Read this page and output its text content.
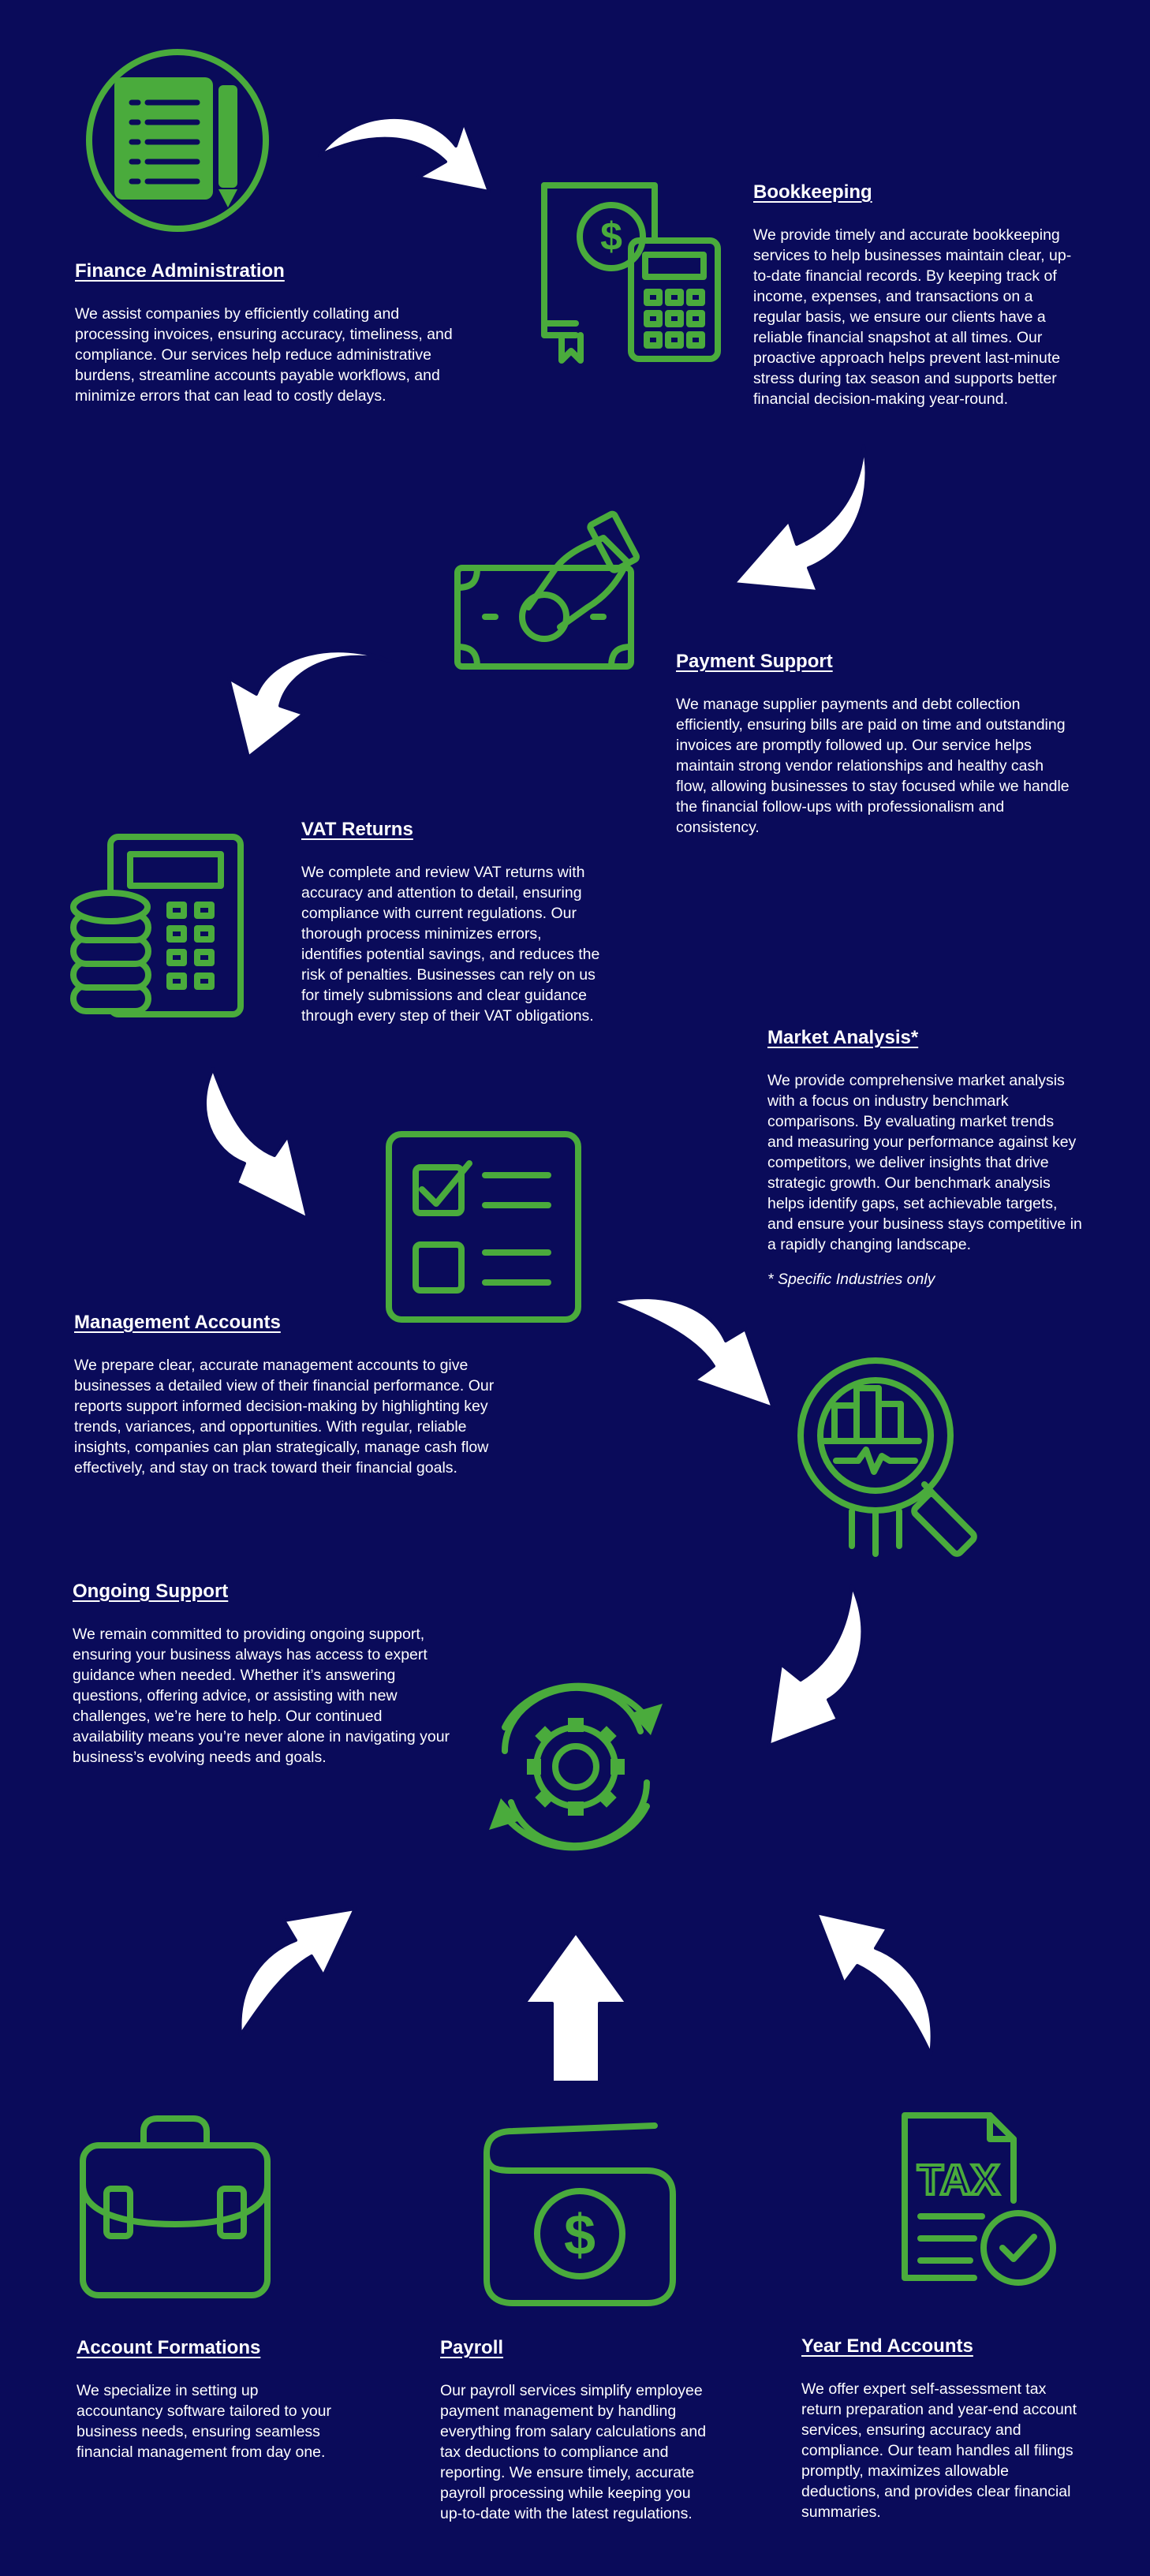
Finance Administration

We assist companies by efficiently collating and processing invoices, ensuring accuracy, timeliness, and compliance. Our services help reduce administrative burdens, streamline accounts payable workflows, and minimize errors that can lead to costly delays.

$
Bookkeeping

We provide timely and accurate bookkeeping services to help businesses maintain clear, up-to-date financial records. By keeping track of income, expenses, and transactions on a regular basis, we ensure our clients have a reliable financial snapshot at all times. Our proactive approach helps prevent last-minute stress during tax season and supports better financial decision-making year-round.

Payment Support

We manage supplier payments and debt collection efficiently, ensuring bills are paid on time and outstanding invoices are promptly followed up. Our service helps maintain strong vendor relationships and healthy cash flow, allowing businesses to stay focused while we handle the financial follow-ups with professionalism and consistency.

VAT Returns

We complete and review VAT returns with accuracy and attention to detail, ensuring compliance with current regulations. Our thorough process minimizes errors, identifies potential savings, and reduces the risk of penalties. Businesses can rely on us for timely submissions and clear guidance through every step of their VAT obligations.

Market Analysis*

We provide comprehensive market analysis with a focus on industry benchmark comparisons. By evaluating market trends and measuring your performance against key competitors, we deliver insights that drive strategic growth. Our benchmark analysis helps identify gaps, set achievable targets, and ensure your business stays competitive in a rapidly changing landscape.

* Specific Industries only

Management Accounts

We prepare clear, accurate management accounts to give businesses a detailed view of their financial performance. Our reports support informed decision-making by highlighting key trends, variances, and opportunities. With regular, reliable insights, companies can plan strategically, manage cash flow effectively, and stay on track toward their financial goals.

Ongoing Support

We remain committed to providing ongoing support, ensuring your business always has access to expert guidance when needed. Whether it’s answering questions, offering advice, or assisting with new challenges, we’re here to help. Our continued availability means you’re never alone in navigating your business’s evolving needs and goals.

Account Formations

We specialize in setting up accountancy software tailored to your business needs, ensuring seamless financial management from day one.

$
Payroll

Our payroll services simplify employee payment management by handling everything from salary calculations and tax deductions to compliance and reporting. We ensure timely, accurate payroll processing while keeping you up-to-date with the latest regulations.

TAX
Year End Accounts

We offer expert self-assessment tax return preparation and year-end account services, ensuring accuracy and compliance. Our team handles all filings promptly, maximizes allowable deductions, and provides clear financial summaries.
